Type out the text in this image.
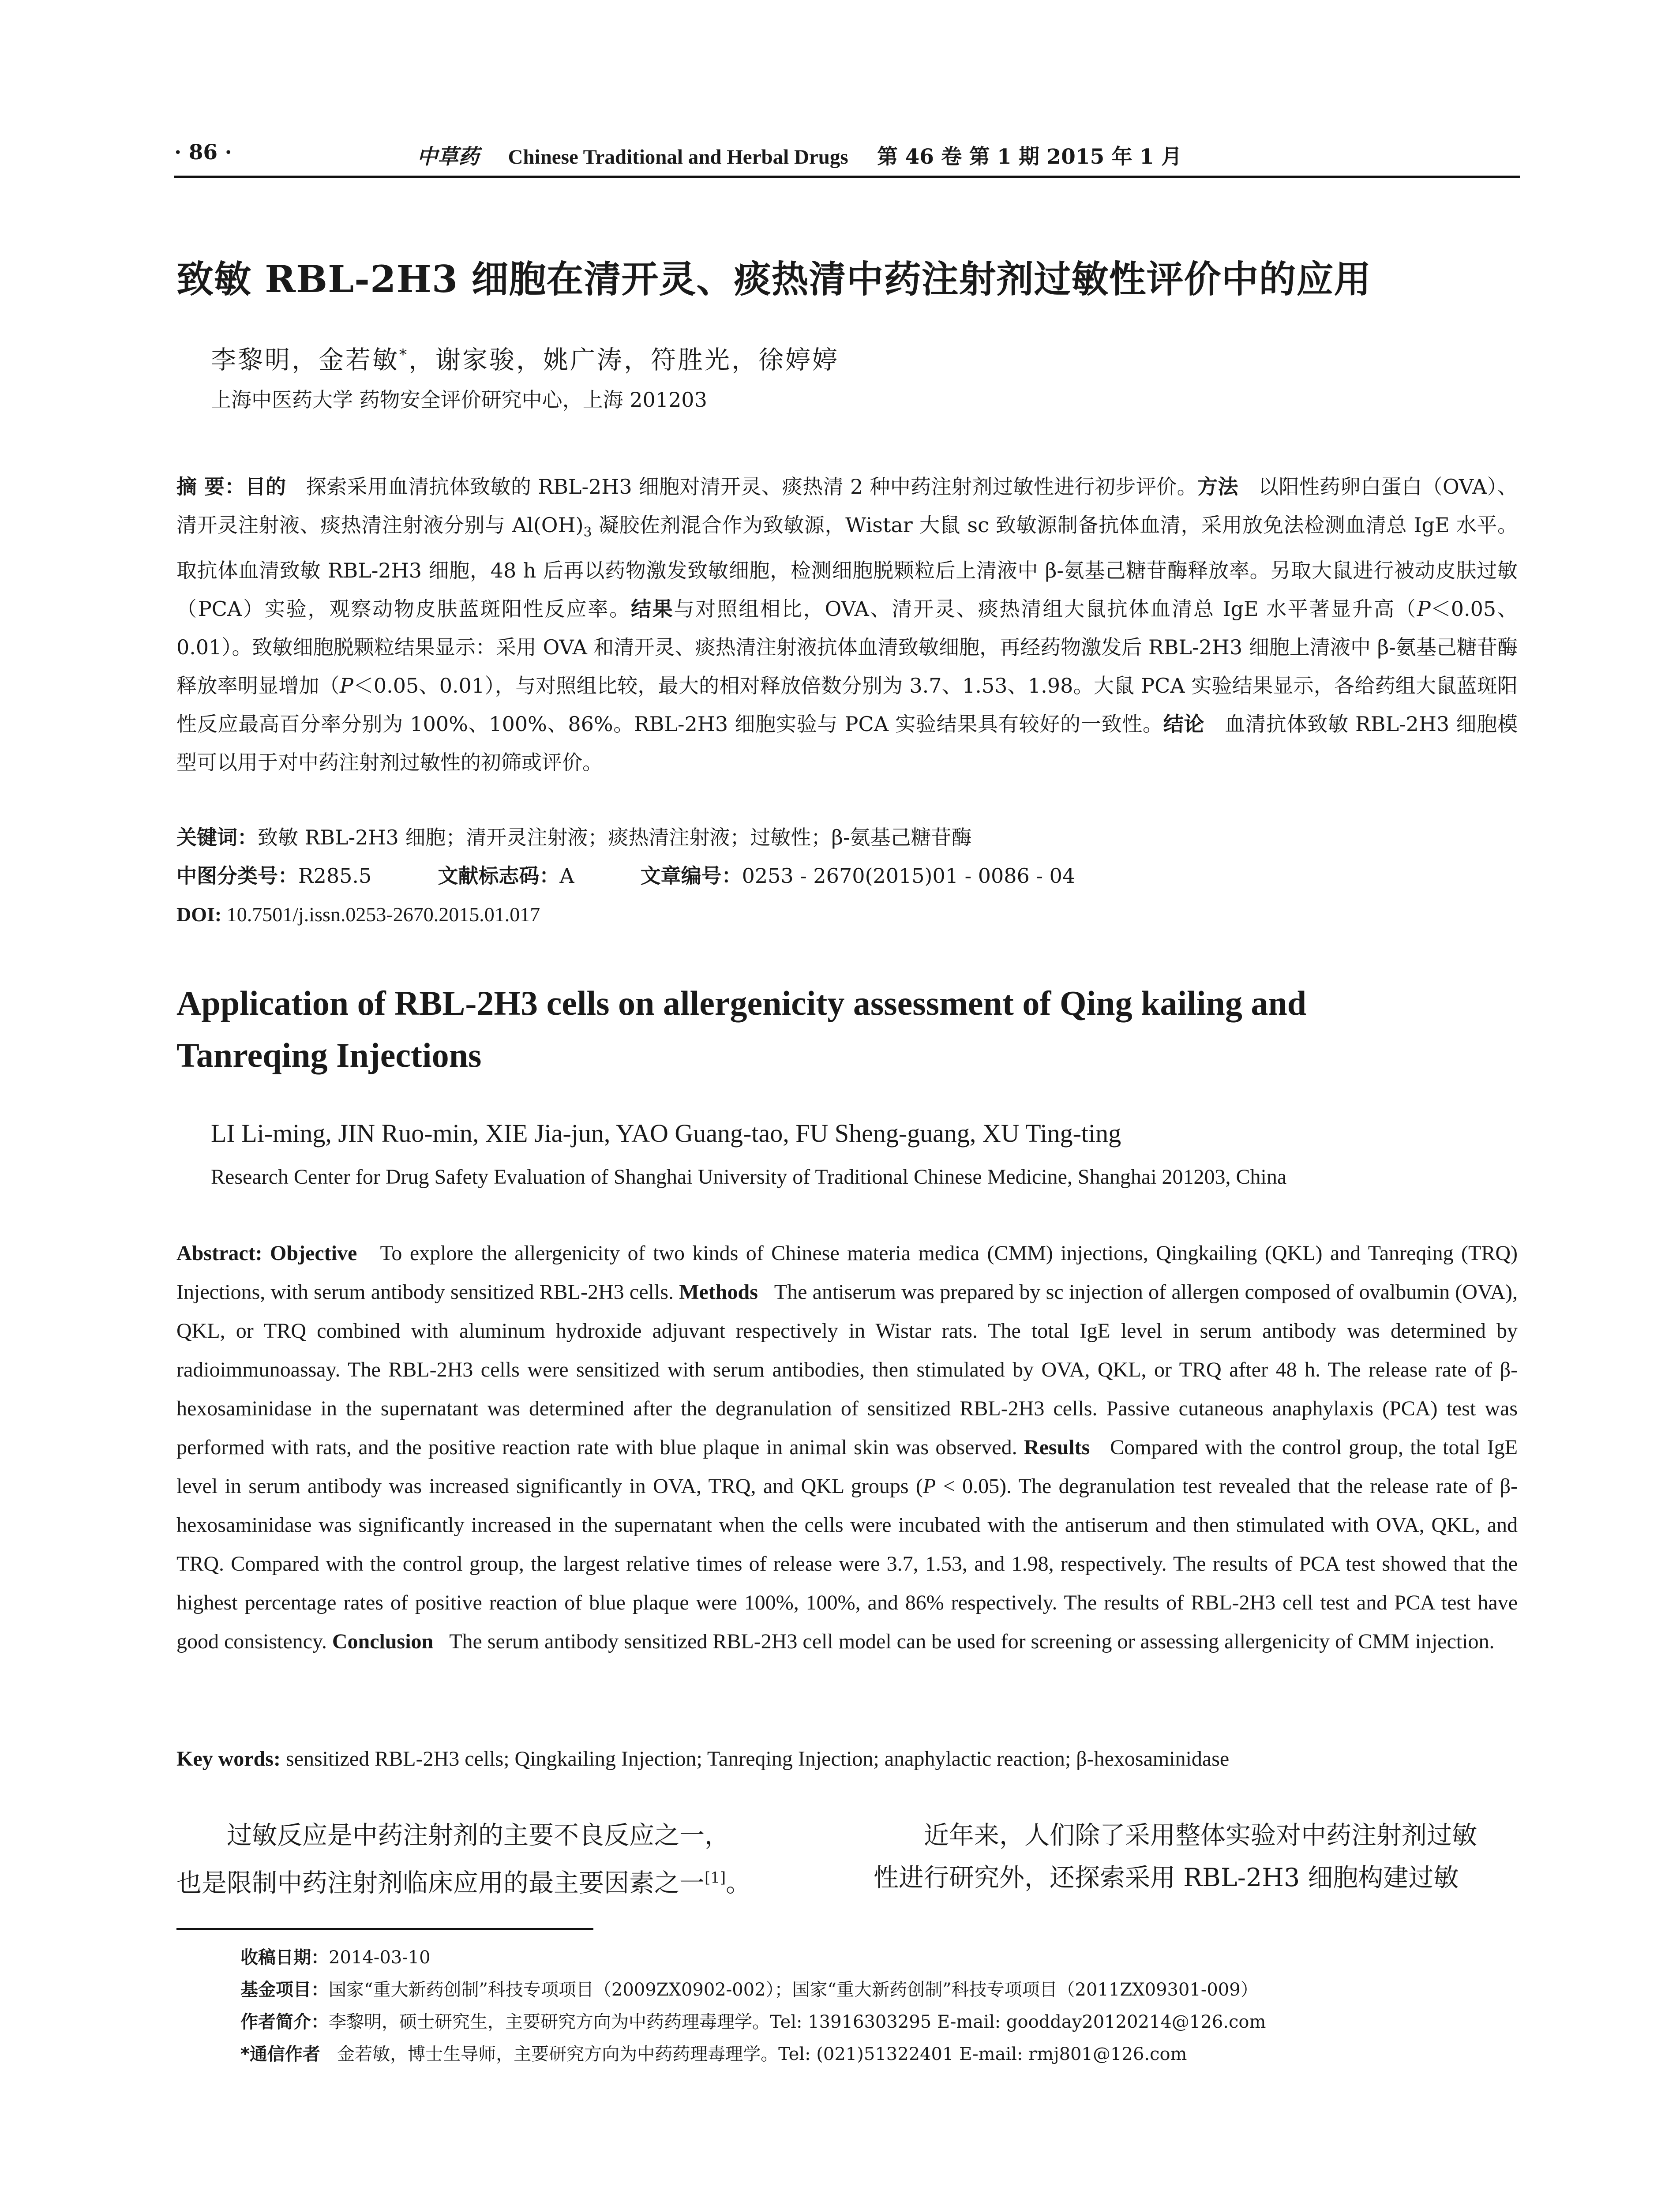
· 86 ·	中草药 Chinese Traditional and Herbal Drugs 第 46 卷 第 1 期 2015 年 1 月
致敏 RBL-2H3 细胞在清开灵、痰热清中药注射剂过敏性评价中的应用
李黎明，金若敏*，谢家骏，姚广涛，符胜光，徐婷婷
上海中医药大学 药物安全评价研究中心，上海 201203

摘 要：目的 探索采用血清抗体致敏的 RBL-2H3 细胞对清开灵、痰热清 2 种中药注射剂过敏性进行初步评价。方法 以阳性药卵白蛋白（OVA）、清开灵注射液、痰热清注射液分别与 $Al(OH)_3$ 凝胶佐剂混合作为致敏源，Wistar 大鼠 sc 致敏源制备抗体血清，采用放免法检测血清总 IgE 水平。取抗体血清致敏 RBL-2H3 细胞，48 h 后再以药物激发致敏细胞，检测细胞脱颗粒后上清液中 β-氨基己糖苷酶释放率。另取大鼠进行被动皮肤过敏（PCA）实验，观察动物皮肤蓝斑阳性反应率。结果与对照组相比，OVA、清开灵、痰热清组大鼠抗体血清总 IgE 水平著显升高（P＜0.05、0.01）。致敏细胞脱颗粒结果显示：采用 OVA 和清开灵、痰热清注射液抗体血清致敏细胞，再经药物激发后 RBL-2H3 细胞上清液中 β-氨基己糖苷酶释放率明显增加（P＜0.05、0.01），与对照组比较，最大的相对释放倍数分别为 3.7、1.53、1.98。大鼠 PCA 实验结果显示，各给药组大鼠蓝斑阳性反应最高百分率分别为 100%、100%、86%。RBL-2H3 细胞实验与 PCA 实验结果具有较好的一致性。结论 血清抗体致敏 RBL-2H3 细胞模型可以用于对中药注射剂过敏性的初筛或评价。

关键词：致敏 RBL-2H3 细胞；清开灵注射液；痰热清注射液；过敏性；β-氨基己糖苷酶
中图分类号：R285.5	文献标志码：A	文章编号：0253 - 2670(2015)01 - 0086 - 04
DOI: 10.7501/j.issn.0253-2670.2015.01.017
Application of RBL-2H3 cells on allergenicity assessment of Qing kailing and Tanreqing Injections
LI Li-ming, JIN Ruo-min, XIE Jia-jun, YAO Guang-tao, FU Sheng-guang, XU Ting-ting
Research Center for Drug Safety Evaluation of Shanghai University of Traditional Chinese Medicine, Shanghai 201203, China

Abstract: Objective To explore the allergenicity of two kinds of Chinese materia medica (CMM) injections, Qingkailing (QKL) and Tanreqing (TRQ) Injections, with serum antibody sensitized RBL-2H3 cells. Methods The antiserum was prepared by sc injection of allergen composed of ovalbumin (OVA), QKL, or TRQ combined with aluminum hydroxide adjuvant respectively in Wistar rats. The total IgE level in serum antibody was determined by radioimmunoassay. The RBL-2H3 cells were sensitized with serum antibodies, then stimulated by OVA, QKL, or TRQ after 48 h. The release rate of β-hexosaminidase in the supernatant was determined after the degranulation of sensitized RBL-2H3 cells. Passive cutaneous anaphylaxis (PCA) test was performed with rats, and the positive reaction rate with blue plaque in animal skin was observed. Results Compared with the control group, the total IgE level in serum antibody was increased significantly in OVA, TRQ, and QKL groups (P < 0.05). The degranulation test revealed that the release rate of β-hexosaminidase was significantly increased in the supernatant when the cells were incubated with the antiserum and then stimulated with OVA, QKL, and TRQ. Compared with the control group, the largest relative times of release were 3.7, 1.53, and 1.98, respectively. The results of PCA test showed that the highest percentage rates of positive reaction of blue plaque were 100%, 100%, and 86% respectively. The results of RBL-2H3 cell test and PCA test have good consistency. Conclusion The serum antibody sensitized RBL-2H3 cell model can be used for screening or assessing allergenicity of CMM injection.

Key words: sensitized RBL-2H3 cells; Qingkailing Injection; Tanreqing Injection; anaphylactic reaction; β-hexosaminidase

过敏反应是中药注射剂的主要不良反应之一，

也是限制中药注射剂临床应用的最主要因素之一[1]。

近年来，人们除了采用整体实验对中药注射剂过敏

性进行研究外，还探索采用 RBL-2H3 细胞构建过敏

收稿日期：2014-03-10
基金项目：国家“重大新药创制”科技专项项目（2009ZX0902-002）；国家“重大新药创制”科技专项项目（2011ZX09301-009）
作者简介：李黎明，硕士研究生，主要研究方向为中药药理毒理学。Tel: 13916303295 E-mail: goodday20120214@126.com
*通信作者 金若敏，博士生导师，主要研究方向为中药药理毒理学。Tel: (021)51322401 E-mail: rmj801@126.com
